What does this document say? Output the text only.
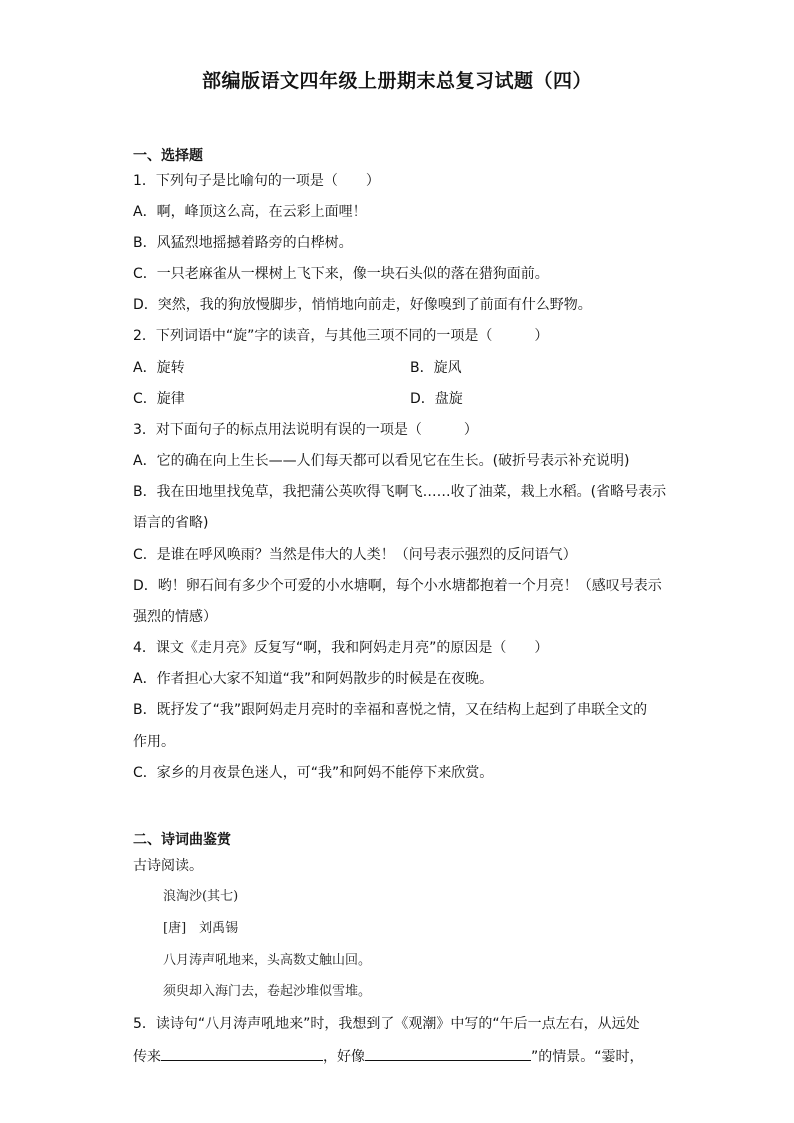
部编版语文四年级上册期末总复习试题（四）
一、选择题
1．下列句子是比喻句的一项是（　　）
A．啊，峰顶这么高，在云彩上面哩！
B．风猛烈地摇撼着路旁的白桦树。
C．一只老麻雀从一棵树上飞下来，像一块石头似的落在猎狗面前。
D．突然，我的狗放慢脚步，悄悄地向前走，好像嗅到了前面有什么野物。
2．下列词语中“旋”字的读音，与其他三项不同的一项是（　　　）
A．旋转	B．旋风
C．旋律	D．盘旋
3．对下面句子的标点用法说明有误的一项是（　　　）
A．它的确在向上生长——人们每天都可以看见它在生长。(破折号表示补充说明)
B．我在田地里找兔草，我把蒲公英吹得飞啊飞……收了油菜，栽上水稻。(省略号表示
语言的省略)
C．是谁在呼风唤雨？当然是伟大的人类！（问号表示强烈的反问语气）
D．哟！卵石间有多少个可爱的小水塘啊，每个小水塘都抱着一个月亮！（感叹号表示
强烈的情感）
4．课文《走月亮》反复写“啊，我和阿妈走月亮”的原因是（　　）
A．作者担心大家不知道“我”和阿妈散步的时候是在夜晚。
B．既抒发了“我”跟阿妈走月亮时的幸福和喜悦之情，又在结构上起到了串联全文的
作用。
C．家乡的月夜景色迷人，可“我”和阿妈不能停下来欣赏。
二、诗词曲鉴赏
古诗阅读。
浪淘沙(其七)
[唐]　刘禹锡
八月涛声吼地来，头高数丈触山回。
须臾却入海门去，卷起沙堆似雪堆。
5．读诗句“八月涛声吼地来”时，我想到了《观潮》中写的“午后一点左右，从远处
传来	，好像	”的情景。“霎时，
